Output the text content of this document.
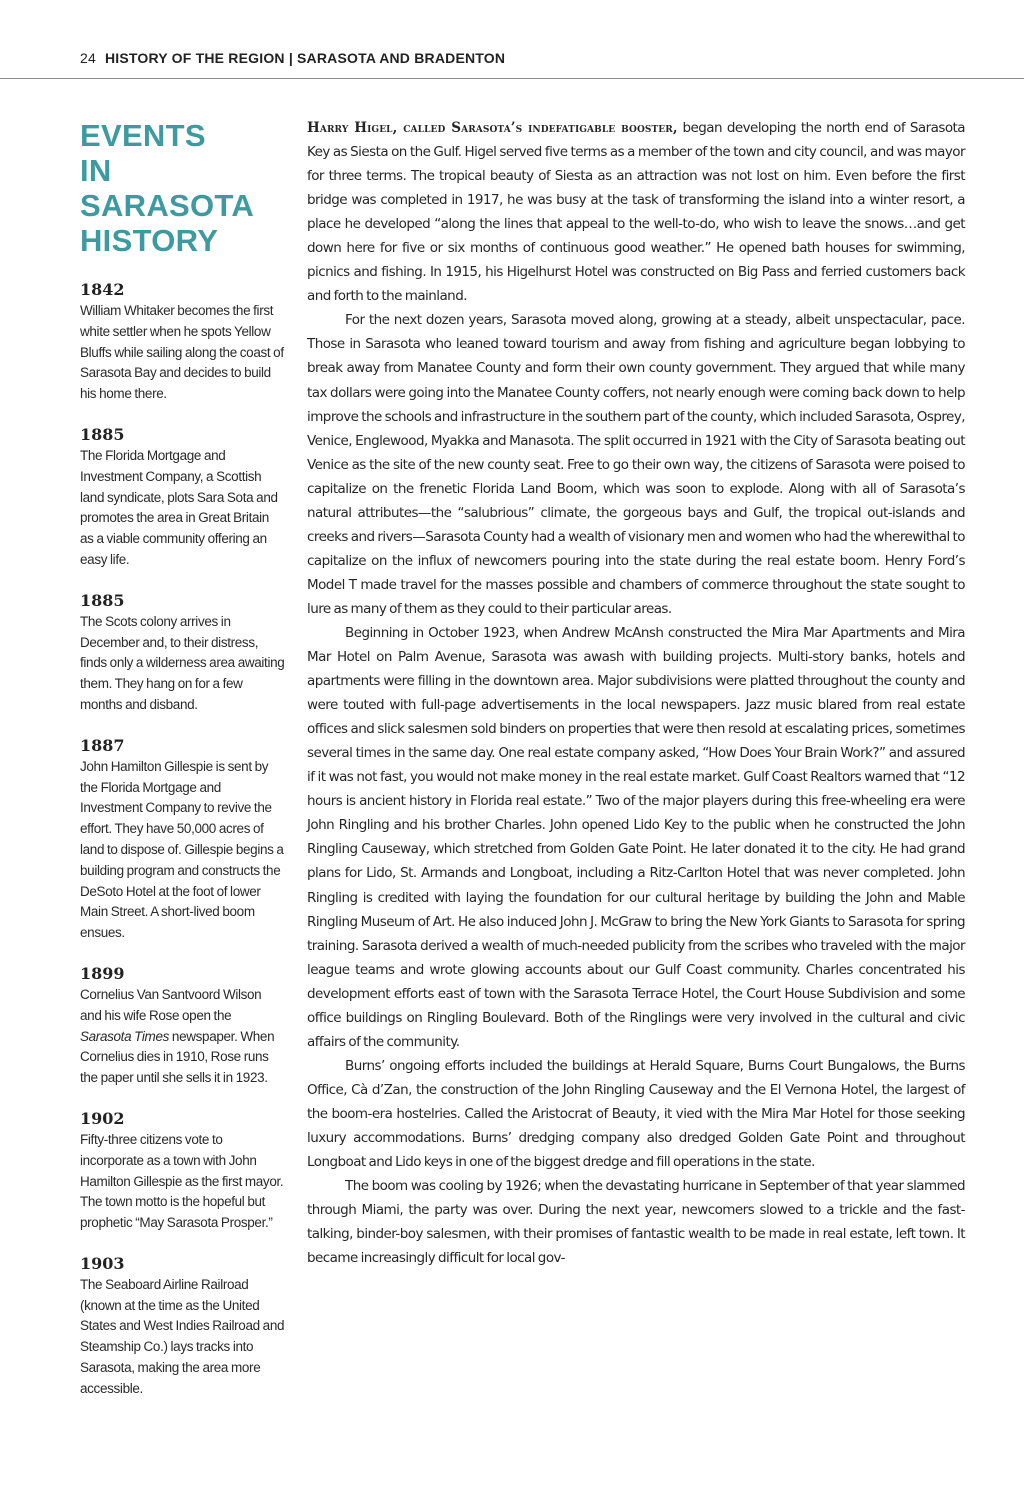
24 HISTORY OF THE REGION | SARASOTA AND BRADENTON
EVENTS
IN SARASOTA
HISTORY
1842

William Whitaker becomes the first white settler when he spots Yellow Bluffs while sailing along the coast of Sarasota Bay and decides to build his home there.

1885

The Florida Mortgage and Investment Company, a Scottish land syndicate, plots Sara Sota and promotes the area in Great Britain as a viable community offering an easy life.

1885

The Scots colony arrives in December and, to their distress, finds only a wilderness area awaiting them. They hang on for a few months and disband.

1887

John Hamilton Gillespie is sent by the Florida Mortgage and Investment Company to revive the effort. They have 50,000 acres of land to dispose of. Gillespie begins a building program and constructs the DeSoto Hotel at the foot of lower Main Street. A short-lived boom ensues.

1899

Cornelius Van Santvoord Wilson and his wife Rose open the Sarasota Times newspaper. When Cornelius dies in 1910, Rose runs the paper until she sells it in 1923.

1902

Fifty-three citizens vote to incorporate as a town with John Hamilton Gillespie as the first mayor. The town motto is the hopeful but prophetic “May Sarasota Prosper.”

1903

The Seaboard Airline Railroad (known at the time as the United States and West Indies Railroad and Steamship Co.) lays tracks into Sarasota, making the area more accessible.

Harry Higel, called Sarasota’s indefatigable booster, began developing the north end of Sarasota Key as Siesta on the Gulf. Higel served five terms as a member of the town and city council, and was mayor for three terms. The tropical beauty of Siesta as an attraction was not lost on him. Even before the first bridge was completed in 1917, he was busy at the task of transforming the island into a winter resort, a place he developed “along the lines that appeal to the well-to-do, who wish to leave the snows…and get down here for five or six months of continuous good weather.” He opened bath houses for swimming, picnics and fishing. In 1915, his Higelhurst Hotel was constructed on Big Pass and ferried customers back and forth to the mainland.

For the next dozen years, Sarasota moved along, growing at a steady, albeit unspectacular, pace. Those in Sarasota who leaned toward tourism and away from fishing and agriculture began lobbying to break away from Manatee County and form their own county government. They argued that while many tax dollars were going into the Manatee County coffers, not nearly enough were coming back down to help improve the schools and infrastructure in the southern part of the county, which included Sarasota, Osprey, Venice, Englewood, Myakka and Manasota. The split occurred in 1921 with the City of Sarasota beating out Venice as the site of the new county seat. Free to go their own way, the citizens of Sarasota were poised to capitalize on the frenetic Florida Land Boom, which was soon to explode. Along with all of Sarasota’s natural attributes—the “salubrious” climate, the gorgeous bays and Gulf, the tropical out-islands and creeks and rivers—Sarasota County had a wealth of visionary men and women who had the wherewithal to capitalize on the influx of newcomers pouring into the state during the real estate boom. Henry Ford’s Model T made travel for the masses possible and chambers of commerce throughout the state sought to lure as many of them as they could to their particular areas.

Beginning in October 1923, when Andrew McAnsh constructed the Mira Mar Apartments and Mira Mar Hotel on Palm Avenue, Sarasota was awash with building projects. Multi-story banks, hotels and apartments were filling in the downtown area. Major subdivisions were platted throughout the county and were touted with full-page advertisements in the local newspapers. Jazz music blared from real estate offices and slick salesmen sold binders on properties that were then resold at escalating prices, sometimes several times in the same day. One real estate company asked, “How Does Your Brain Work?” and assured if it was not fast, you would not make money in the real estate market. Gulf Coast Realtors warned that “12 hours is ancient history in Florida real estate.” Two of the major players during this free-wheeling era were John Ringling and his brother Charles. John opened Lido Key to the public when he constructed the John Ringling Causeway, which stretched from Golden Gate Point. He later donated it to the city. He had grand plans for Lido, St. Armands and Longboat, including a Ritz-Carlton Hotel that was never completed. John Ringling is credited with laying the foundation for our cultural heritage by building the John and Mable Ringling Museum of Art. He also induced John J. McGraw to bring the New York Giants to Sarasota for spring training. Sarasota derived a wealth of much-needed publicity from the scribes who traveled with the major league teams and wrote glowing accounts about our Gulf Coast community. Charles concentrated his development efforts east of town with the Sarasota Terrace Hotel, the Court House Subdivision and some office buildings on Ringling Boulevard. Both of the Ringlings were very involved in the cultural and civic affairs of the community.

Burns’ ongoing efforts included the buildings at Herald Square, Burns Court Bungalows, the Burns Office, Cà d’Zan, the construction of the John Ringling Causeway and the El Vernona Hotel, the largest of the boom-era hostelries. Called the Aristocrat of Beauty, it vied with the Mira Mar Hotel for those seeking luxury accommodations. Burns’ dredging company also dredged Golden Gate Point and throughout Longboat and Lido keys in one of the biggest dredge and fill operations in the state.

The boom was cooling by 1926; when the devastating hurricane in September of that year slammed through Miami, the party was over. During the next year, newcomers slowed to a trickle and the fast-talking, binder-boy salesmen, with their promises of fantastic wealth to be made in real estate, left town. It became increasingly difficult for local gov-
